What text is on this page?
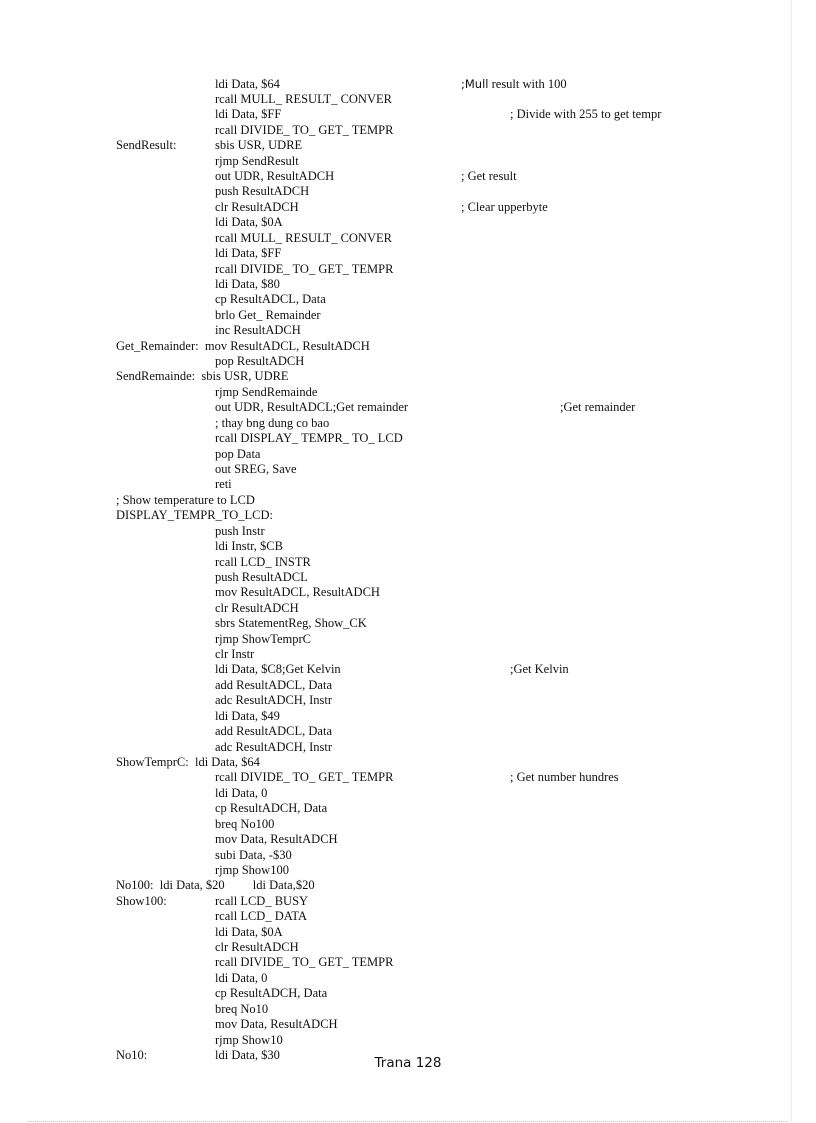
ldi Data, $64	;Mull result with 100
rcall MULL_ RESULT_ CONVER
ldi Data, $FF	; Divide with 255 to get tempr
rcall DIVIDE_ TO_ GET_ TEMPR
SendResult:	sbis USR, UDRE
rjmp SendResult
out UDR, ResultADCH	; Get result
push ResultADCH
clr ResultADCH	; Clear upperbyte
ldi Data, $0A
rcall MULL_ RESULT_ CONVER
ldi Data, $FF
rcall DIVIDE_ TO_ GET_ TEMPR
ldi Data, $80
cp ResultADCL, Data
brlo Get_ Remainder
inc ResultADCH
Get_Remainder:  mov ResultADCL, ResultADCH
pop ResultADCH
SendRemainde:  sbis USR, UDRE
rjmp SendRemainde
out UDR, ResultADCL;Get remainder	;Get remainder
; thay bng dung co bao
rcall DISPLAY_ TEMPR_ TO_ LCD
pop Data
out SREG, Save
reti
; Show temperature to LCD
DISPLAY_TEMPR_TO_LCD:
push Instr
ldi Instr, $CB
rcall LCD_ INSTR
push ResultADCL
mov ResultADCL, ResultADCH
clr ResultADCH
sbrs StatementReg, Show_CK
rjmp ShowTemprC
clr Instr
ldi Data, $C8;Get Kelvin	;Get Kelvin
add ResultADCL, Data
adc ResultADCH, Instr
ldi Data, $49
add ResultADCL, Data
adc ResultADCH, Instr
ShowTemprC:  ldi Data, $64
rcall DIVIDE_ TO_ GET_ TEMPR	; Get number hundres
ldi Data, 0
cp ResultADCH, Data
breq No100
mov Data, ResultADCH
subi Data, -$30
rjmp Show100
No100:  ldi Data, $20         ldi Data,$20
Show100:	rcall LCD_ BUSY
rcall LCD_ DATA
ldi Data, $0A
clr ResultADCH
rcall DIVIDE_ TO_ GET_ TEMPR
ldi Data, 0
cp ResultADCH, Data
breq No10
mov Data, ResultADCH
rjmp Show10
No10:	ldi Data, $30
Trana 128
